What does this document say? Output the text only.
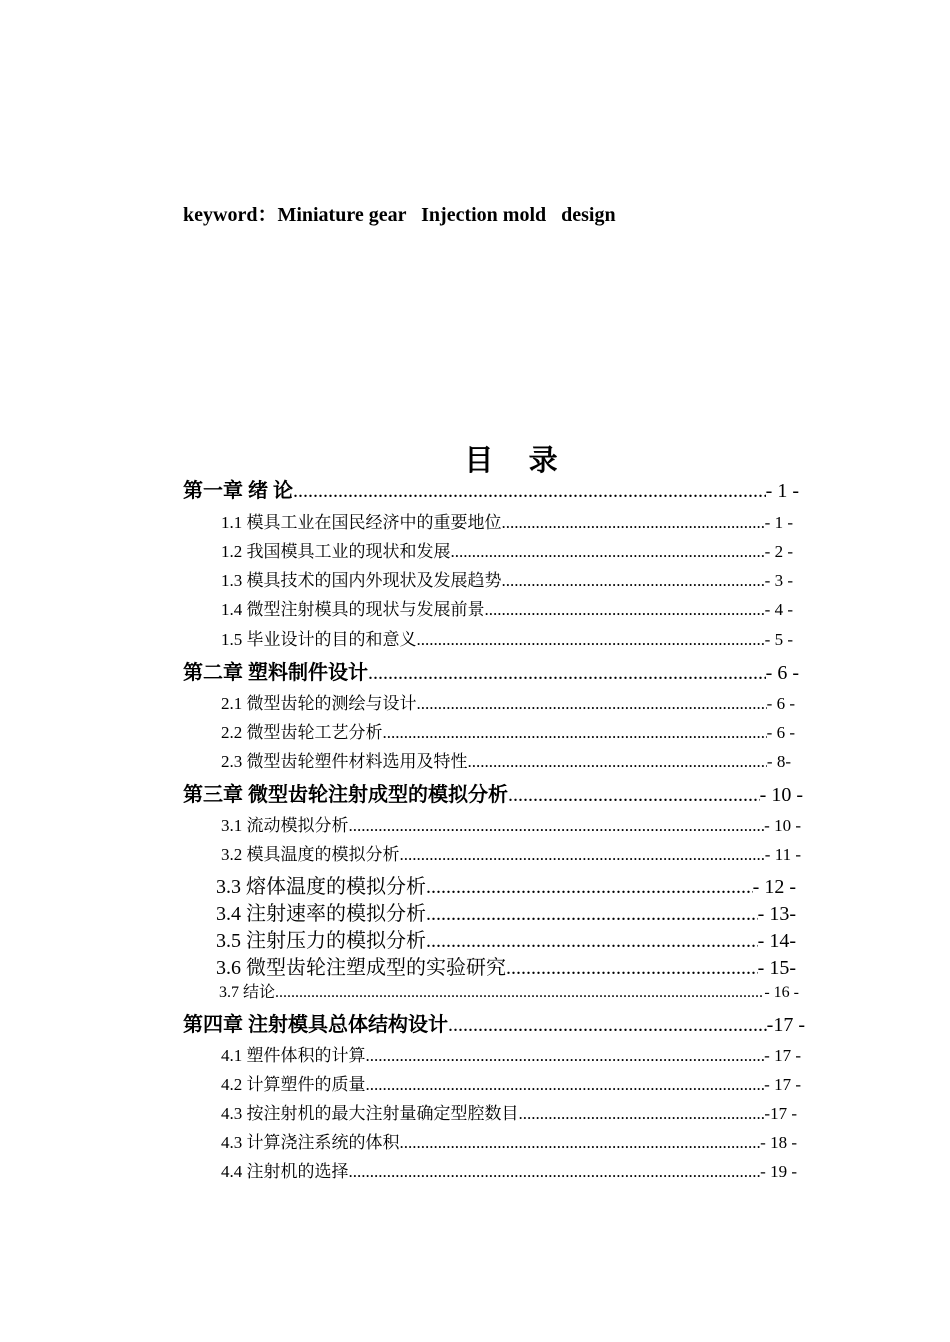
keyword：Miniature gear   Injection mold   design
目 录
第一章 绪 论 .....	- 1 -
1.1 模具工业在国民经济中的重要地位 .....	- 1 -
1.2 我国模具工业的现状和发展 .....	- 2 -
1.3 模具技术的国内外现状及发展趋势 .....	- 3 -
1.4 微型注射模具的现状与发展前景 .....	- 4 -
1.5 毕业设计的目的和意义 .....	- 5 -
第二章 塑料制件设计 .....	- 6 -
2.1 微型齿轮的测绘与设计 .....	- 6 -
2.2 微型齿轮工艺分析 .....	- 6 -
2.3 微型齿轮塑件材料选用及特性 .....	- 8-
第三章 微型齿轮注射成型的模拟分析 .....	- 10 -
3.1 流动模拟分析 .....	- 10 -
3.2 模具温度的模拟分析 .....	- 11 -
3.3 熔体温度的模拟分析 .....	- 12 -
3.4 注射速率的模拟分析 .....	- 13-
3.5 注射压力的模拟分析 .....	- 14-
3.6 微型齿轮注塑成型的实验研究 .....	- 15-
3.7 结论 .....	- 16 -
第四章 注射模具总体结构设计 .....	-17 -
4.1 塑件体积的计算 .....	- 17 -
4.2 计算塑件的质量 .....	- 17 -
4.3 按注射机的最大注射量确定型腔数目 .....	-17 -
4.3 计算浇注系统的体积 .....	- 18 -
4.4 注射机的选择 .....	- 19 -
